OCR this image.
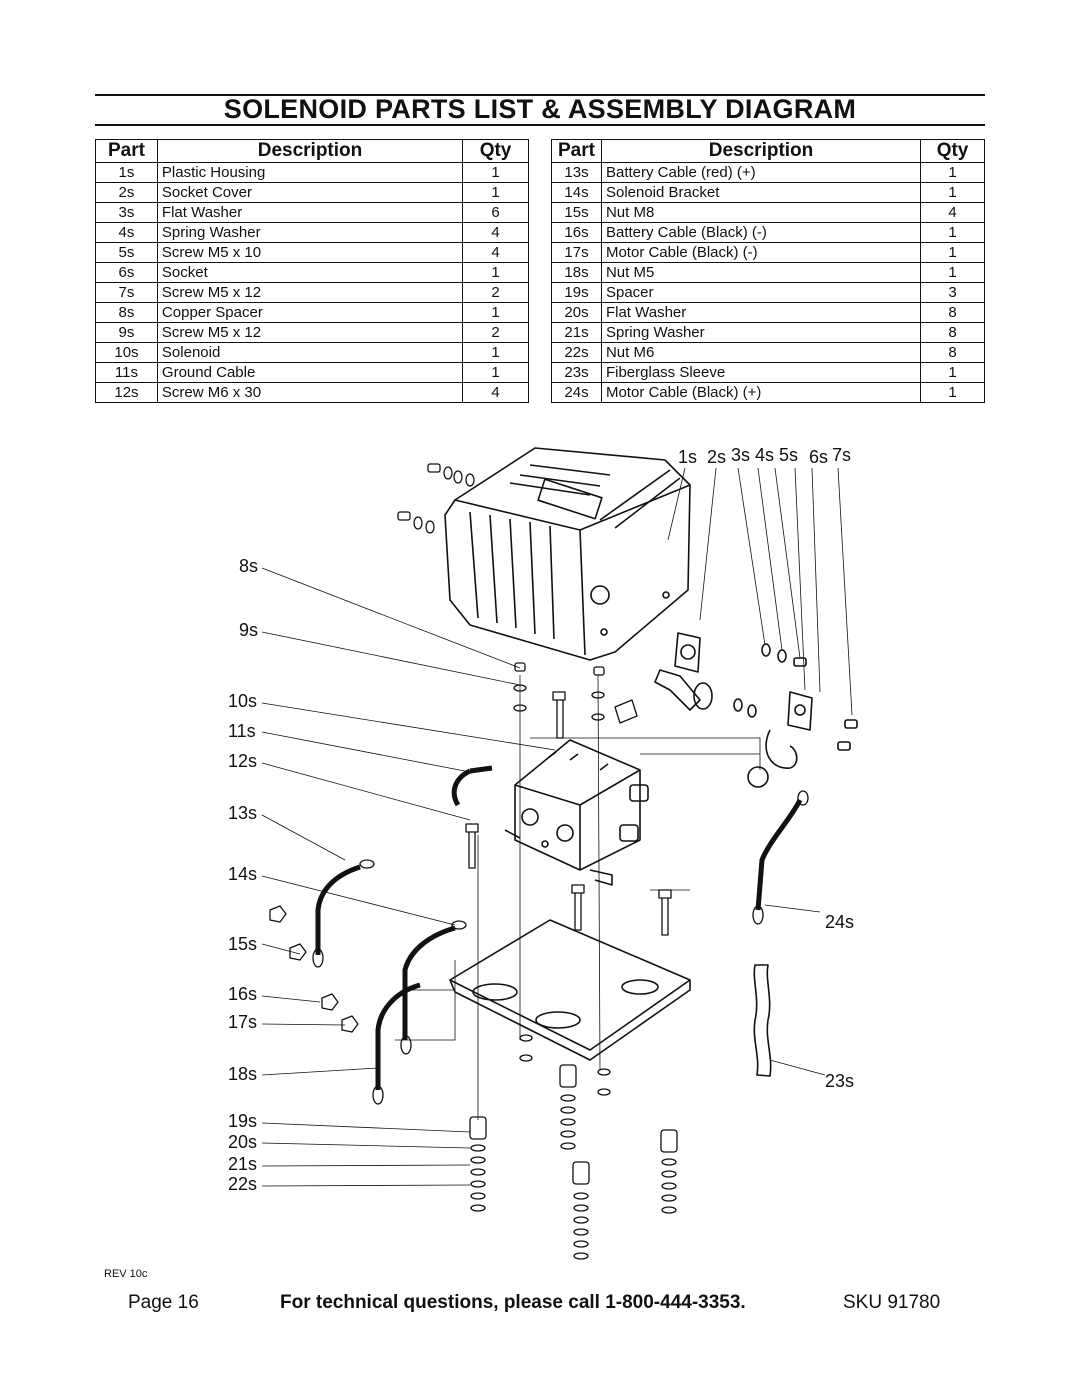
SOLENOID PARTS LIST & ASSEMBLY DIAGRAM
Part	Description	Qty
1s	Plastic Housing	1
2s	Socket Cover	1
3s	Flat Washer	6
4s	Spring Washer	4
5s	Screw M5 x 10	4
6s	Socket	1
7s	Screw M5 x 12	2
8s	Copper Spacer	1
9s	Screw M5 x 12	2
10s	Solenoid	1
11s	Ground Cable	1
12s	Screw M6 x 30	4
Part	Description	Qty
13s	Battery Cable (red) (+)	1
14s	Solenoid Bracket	1
15s	Nut M8	4
16s	Battery Cable (Black) (-)	1
17s	Motor Cable (Black) (-)	1
18s	Nut M5	1
19s	Spacer	3
20s	Flat Washer	8
21s	Spring Washer	8
22s	Nut M6	8
23s	Fiberglass Sleeve	1
24s	Motor Cable (Black) (+)	1
1s 2s 3s 4s 5s 6s 7s
8s
9s
10s
11s
12s
13s
14s
15s
16s
17s
18s
19s
20s
21s
22s
24s
23s
REV 10c
Page 16	For technical questions, please call 1-800-444-3353.	SKU 91780
